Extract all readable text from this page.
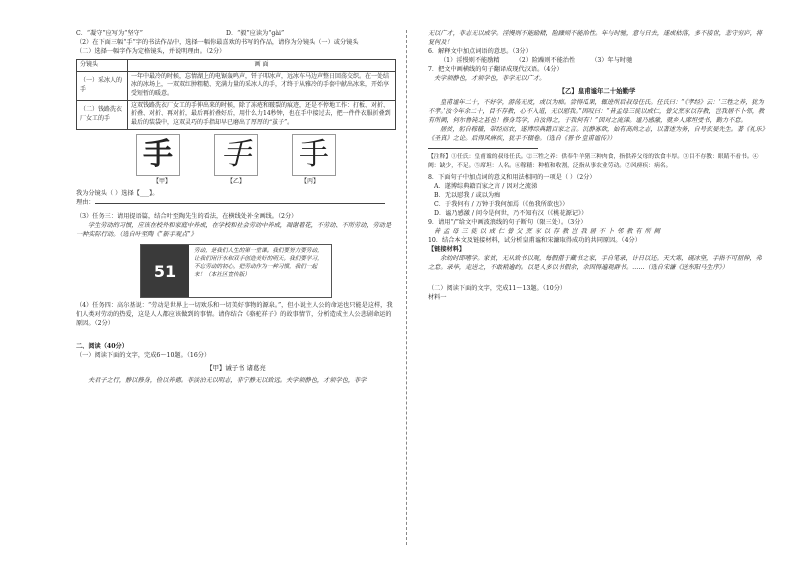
C．“凝守”应写为“坚守”	D．“毅”应读为“gài”

（2）在下面三幅“手”字的书法作品中，选择一幅你最喜欢的书写的作品，请你为分镜头（一）或分镜头

（二）选择一幅字作为定格镜头，并说明理由。（2分）

分镜头	画 面
（一）采冰人的手	一年中最冷的时候，忘情湖上的电锯轰鸣声，钎子叩冰声，远冰车马边声整日回荡交织。在一处结冰的冰场上，一双双红肿粗糙、充满力量的采冰人的手，才终于从雅冷的手套中献出冰来，开始享受短暂的暖意。
（二）钱路洗衣厂女工的手	这双钱路洗衣厂女工的手伸出来的时候，除了冻疮和皲裂的痕迹，还是不停地工作：打板、对折、折叠、对折、再对折，最后再折叠好后，用什么力14秒钟，也在手中接过去，把一件件衣服折叠到最后的装袋中，这双灵巧的手指却早已磨出了厚厚的“茧子”。
手 手 手
【甲】	【乙】	【丙】

我为分镜头（ ）选择【___】。

理由：

（3）任务三：请用提语篇，结合叶至陶先生的看法，在横线处补全画线。（2分）

学生劳动的习惯，应该在校外和家庭中养成，在学校和社会劳动中养成，凋谢着花，不劳动、不所劳动，劳动是一种实际行动。（选自叶至陶《“新手观点”》

51
劳动，是我们人生的第一堂课。我们要努力要劳动，让我们用汗水和双手创造美好的明天。我们要学习，不忘劳动的初心，把劳动作为一种习惯，我们一起来！（本社区宣传版）

（4）任务四：高尔基说：“劳动是世界上一切欢乐和一切美好事物的源泉。”，但小说主人公的命运也只能是这样，我们人类对劳动的热爱，这是人人都应该做到的事情。请你结合《骆驼祥子》的故事情节，分析造成主人公悲剧命运的原因。（2分）

二、阅读（40分）

（一）阅读下面的文字，完成6～10题。（16分）

【甲】诫子书 诸葛亮

夫君子之行，静以修身，俭以养德。非淡泊无以明志，非宁静无以致远。夫学须静也，才须学也，非学

无以广才，非志无以成学。淫慢则不能励精，险躁则不能治性。年与时驰，意与日去，遂成枯落，多不接世，悲守穷庐，将复何及！

6．解释文中加点词语的意思。（3分）

（1）淫慢则不能励精	（2）险躁则不能治性	（3）年与时驰

7．把文中画横线的句子翻译成现代汉语。（4分）

夫学须静也，才须学也，非学无以广才。

【乙】皇甫谧年二十始勤学

皇甫谧年二十，不好学，游荡无度，或以为痴。尝得瓜果，辄进所后叔母任氏。任氏曰：“《孝经》云：‘三牲之养，犹为不孝。’汝今年余二十，目不存教，心不入道，无以慰我。”因叹曰：“昔孟母三徙以成仁，曾父烹豕以存教，岂我居不卜邻，教有所阙，何尔鲁钝之甚也！修身笃学，自汝得之，于我何有！”因对之流涕。谧乃感激，就乡人席坦受书，勤力不怠。

居贫，躬自稼穑，带经而农，遂博综典籍百家之言。沉静寡欲，始有高尚之志，以著述为务，自号玄晏先生。著《礼乐》《圣真》之论。后得风痹疾，犹手不辍卷。（选自《晋书·皇甫谧传》）

【注释】①任氏：皇甫谧的叔母任氏。②三牲之养：供奉牛羊猪三种肉食，指供养父母的饮食丰厚。③目不存教：眼睛不看书。④阙：缺少，不足。⑤席坦：人名。⑥稼穑：种植和收割，泛指从事农业劳动。⑦风痹疾：病名。

8．下面句子中加点词的意义和用法相同的一项是（ ）（2分）

A．遂博综典籍百家之言 / 因对之流涕

B．无以慰我 / 或以为痴

C．于我何有 / 万钟于我何加焉（《鱼我所欲也》）

D．谧乃感激 / 问今是何世，乃不知有汉（《桃花源记》）

9．请用“/”给文中画波浪线的句子断句（限三处）。（3分）

昔 孟 母 三 徙 以 成 仁 曾 父 烹 豕 以 存 教 岂 我 居 不 卜 邻 教 有 所 阙

10．结合本文及链接材料，试分析皇甫谧和宋濂取得成功的共同原因。（4分）

【链接材料】

余幼时即嗜学。家贫，无从致书以观，每假借于藏书之家，手自笔录，计日以还。天大寒，砚冰坚，手指不可屈伸，弗之怠。录毕，走送之，不敢稍逾约。以是人多以书假余，余因得遍观群书。……（选自宋濂《送东阳马生序》）

（二）阅读下面的文字，完成11～13题。（10分）

材料一
